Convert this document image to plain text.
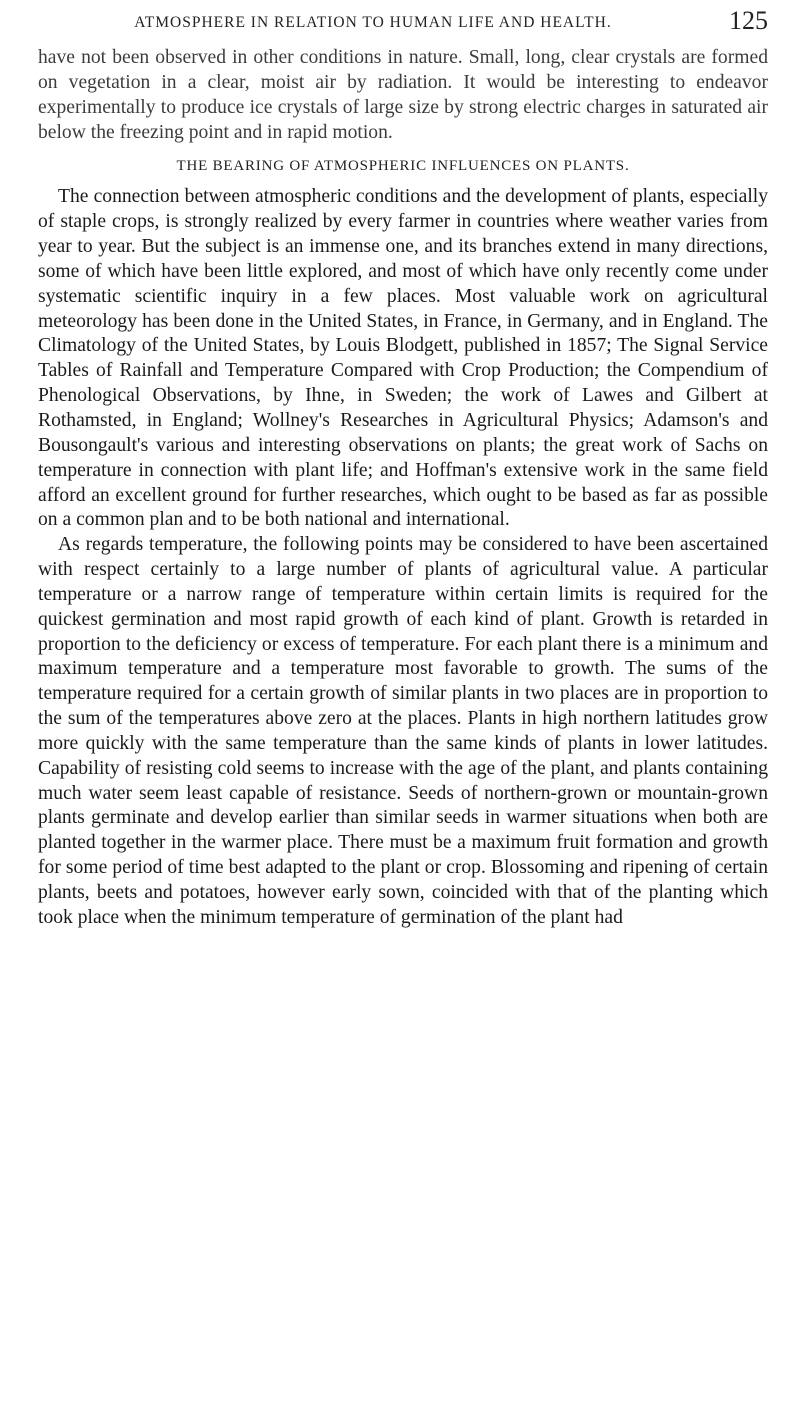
ATMOSPHERE IN RELATION TO HUMAN LIFE AND HEALTH.	125

have not been observed in other conditions in nature. Small, long, clear crystals are formed on vegetation in a clear, moist air by radiation. It would be interesting to endeavor experimentally to produce ice crystals of large size by strong electric charges in saturated air below the freezing point and in rapid motion.

THE BEARING OF ATMOSPHERIC INFLUENCES ON PLANTS.

The connection between atmospheric conditions and the development of plants, especially of staple crops, is strongly realized by every farmer in countries where weather varies from year to year. But the subject is an immense one, and its branches extend in many directions, some of which have been little explored, and most of which have only recently come under systematic scientific inquiry in a few places. Most valuable work on agricultural meteorology has been done in the United States, in France, in Germany, and in England. The Climatology of the United States, by Louis Blodgett, published in 1857; The Signal Service Tables of Rainfall and Temperature Compared with Crop Production; the Compendium of Phenological Observations, by Ihne, in Sweden; the work of Lawes and Gilbert at Rothamsted, in England; Wollney's Researches in Agricultural Physics; Adamson's and Bousongault's various and interesting observations on plants; the great work of Sachs on temperature in connection with plant life; and Hoffman's extensive work in the same field afford an excellent ground for further researches, which ought to be based as far as possible on a common plan and to be both national and international.

As regards temperature, the following points may be considered to have been ascertained with respect certainly to a large number of plants of agricultural value. A particular temperature or a narrow range of temperature within certain limits is required for the quickest germination and most rapid growth of each kind of plant. Growth is retarded in proportion to the deficiency or excess of temperature. For each plant there is a minimum and maximum temperature and a temperature most favorable to growth. The sums of the temperature required for a certain growth of similar plants in two places are in proportion to the sum of the temperatures above zero at the places. Plants in high northern latitudes grow more quickly with the same temperature than the same kinds of plants in lower latitudes. Capability of resisting cold seems to increase with the age of the plant, and plants containing much water seem least capable of resistance. Seeds of northern-grown or mountain-grown plants germinate and develop earlier than similar seeds in warmer situations when both are planted together in the warmer place. There must be a maximum fruit formation and growth for some period of time best adapted to the plant or crop. Blossoming and ripening of certain plants, beets and potatoes, however early sown, coincided with that of the planting which took place when the minimum temperature of germination of the plant had
